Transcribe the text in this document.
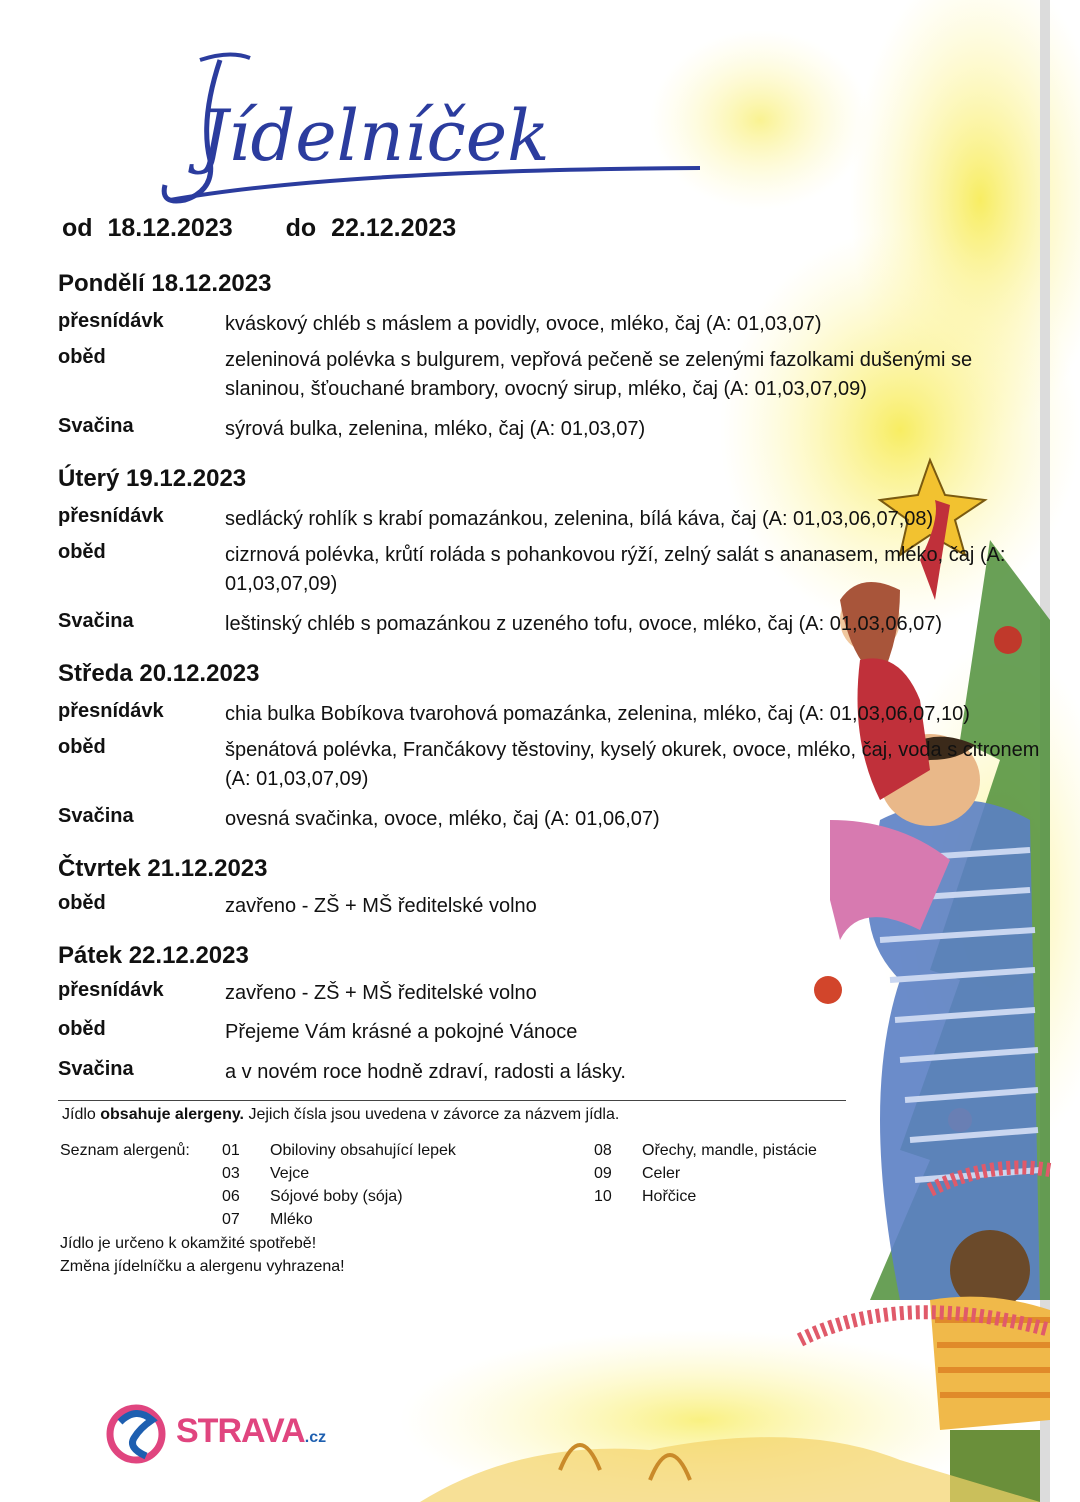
Jídelníček
od 18.12.2023 do 22.12.2023
Pondělí 18.12.2023
přesnídávk	kváskový chléb s máslem a povidly, ovoce, mléko, čaj (A: 01,03,07)
oběd	zeleninová polévka s bulgurem, vepřová pečeně se zelenými fazolkami dušenými se slaninou, šťouchané brambory, ovocný sirup, mléko, čaj (A: 01,03,07,09)
Svačina	sýrová bulka, zelenina, mléko, čaj (A: 01,03,07)
Úterý 19.12.2023
přesnídávk	sedlácký rohlík s krabí pomazánkou, zelenina, bílá káva, čaj (A: 01,03,06,07,08)
oběd	cizrnová polévka, krůtí roláda s pohankovou rýží, zelný salát s ananasem, mléko, čaj (A: 01,03,07,09)
Svačina	leštinský chléb s pomazánkou z uzeného tofu, ovoce, mléko, čaj (A: 01,03,06,07)
Středa 20.12.2023
přesnídávk	chia bulka Bobíkova tvarohová pomazánka, zelenina, mléko, čaj (A: 01,03,06,07,10)
oběd	špenátová polévka, Frančákovy těstoviny, kyselý okurek, ovoce, mléko, čaj, voda s citronem (A: 01,03,07,09)
Svačina	ovesná svačinka, ovoce, mléko, čaj (A: 01,06,07)
Čtvrtek 21.12.2023
oběd	zavřeno - ZŠ + MŠ ředitelské volno
Pátek 22.12.2023
přesnídávk	zavřeno - ZŠ + MŠ ředitelské volno
oběd	Přejeme Vám krásné a pokojné Vánoce
Svačina	a v novém roce hodně zdraví, radosti a lásky.
Jídlo obsahuje alergeny. Jejich čísla jsou uvedena v závorce za názvem jídla.
Seznam alergenů:	01 Obiloviny obsahující lepek
03 Vejce
06 Sójové boby (sója)
07 Mléko
08 Ořechy, mandle, pistácie
09 Celer
10 Hořčice
Jídlo je určeno k okamžité spotřebě!
Změna jídelníčku a alergenu vyhrazena!
STRAVA.cz
